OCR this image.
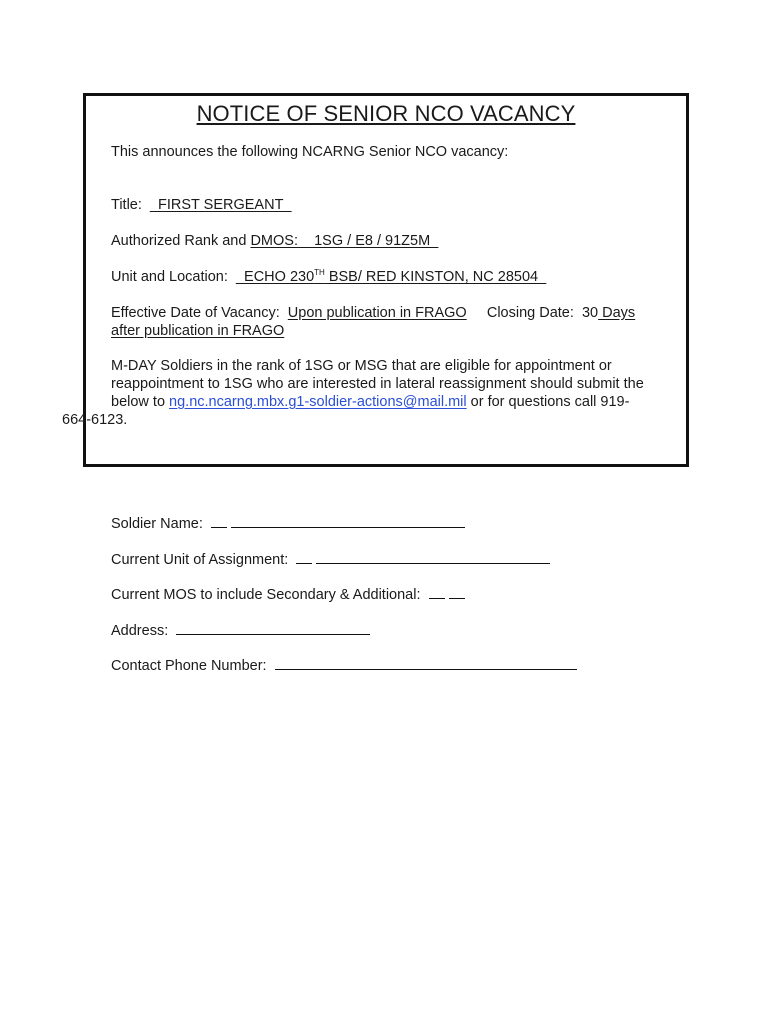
NOTICE OF SENIOR NCO VACANCY
This announces the following NCARNG Senior NCO vacancy:
Title: _FIRST SERGEANT_
Authorized Rank and DMOS: _1SG / E8 / 91Z5M_
Unit and Location: _ECHO 230TH BSB/ RED KINSTON, NC 28504_
Effective Date of Vacancy: Upon publication in FRAGO Closing Date: 30 Days
after publication in FRAGO
M-DAY Soldiers in the rank of 1SG or MSG that are eligible for appointment or
reappointment to 1SG who are interested in lateral reassignment should submit the
below to ng.nc.ncarng.mbx.g1-soldier-actions@mail.mil or for questions call 919-
664-6123.
Soldier Name:
Current Unit of Assignment:
Current MOS to include Secondary & Additional:
Address:
Contact Phone Number:
